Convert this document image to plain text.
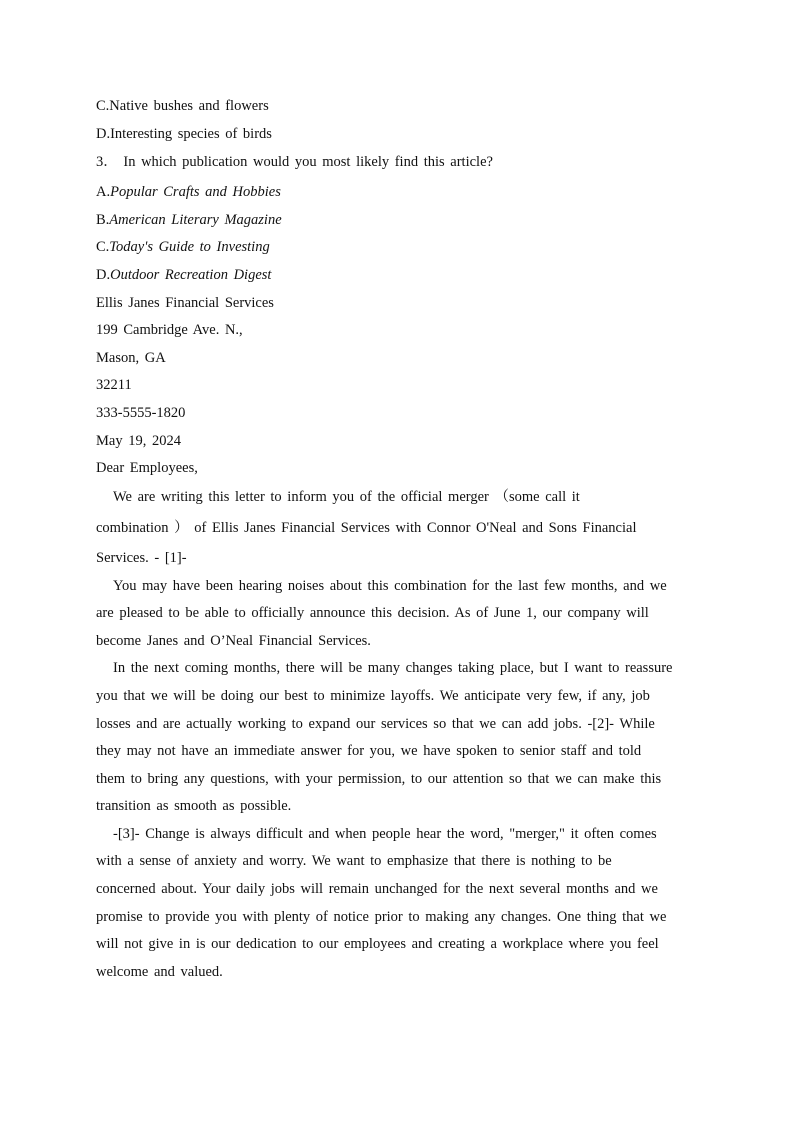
C.Native bushes and flowers
D.Interesting species of birds
3． In which publication would you most likely find this article?
A.Popular Crafts and Hobbies
B.American Literary Magazine
C.Today's Guide to Investing
D.Outdoor Recreation Digest
Ellis Janes Financial Services
199 Cambridge Ave. N.,
Mason, GA
32211
333-5555-1820
May 19, 2024
Dear Employees,
We are writing this letter to inform you of the official merger （some call it
combination ） of Ellis Janes Financial Services with Connor O'Neal and Sons Financial
Services. - [1]-
You may have been hearing noises about this combination for the last few months, and we
are pleased to be able to officially announce this decision. As of June 1, our company will
become Janes and O’Neal Financial Services.
In the next coming months, there will be many changes taking place, but I want to reassure
you that we will be doing our best to minimize layoffs. We anticipate very few, if any, job
losses and are actually working to expand our services so that we can add jobs. -[2]- While
they may not have an immediate answer for you, we have spoken to senior staff and told
them to bring any questions, with your permission, to our attention so that we can make this
transition as smooth as possible.
-[3]- Change is always difficult and when people hear the word, "merger," it often comes
with a sense of anxiety and worry. We want to emphasize that there is nothing to be
concerned about. Your daily jobs will remain unchanged for the next several months and we
promise to provide you with plenty of notice prior to making any changes. One thing that we
will not give in is our dedication to our employees and creating a workplace where you feel
welcome and valued.
